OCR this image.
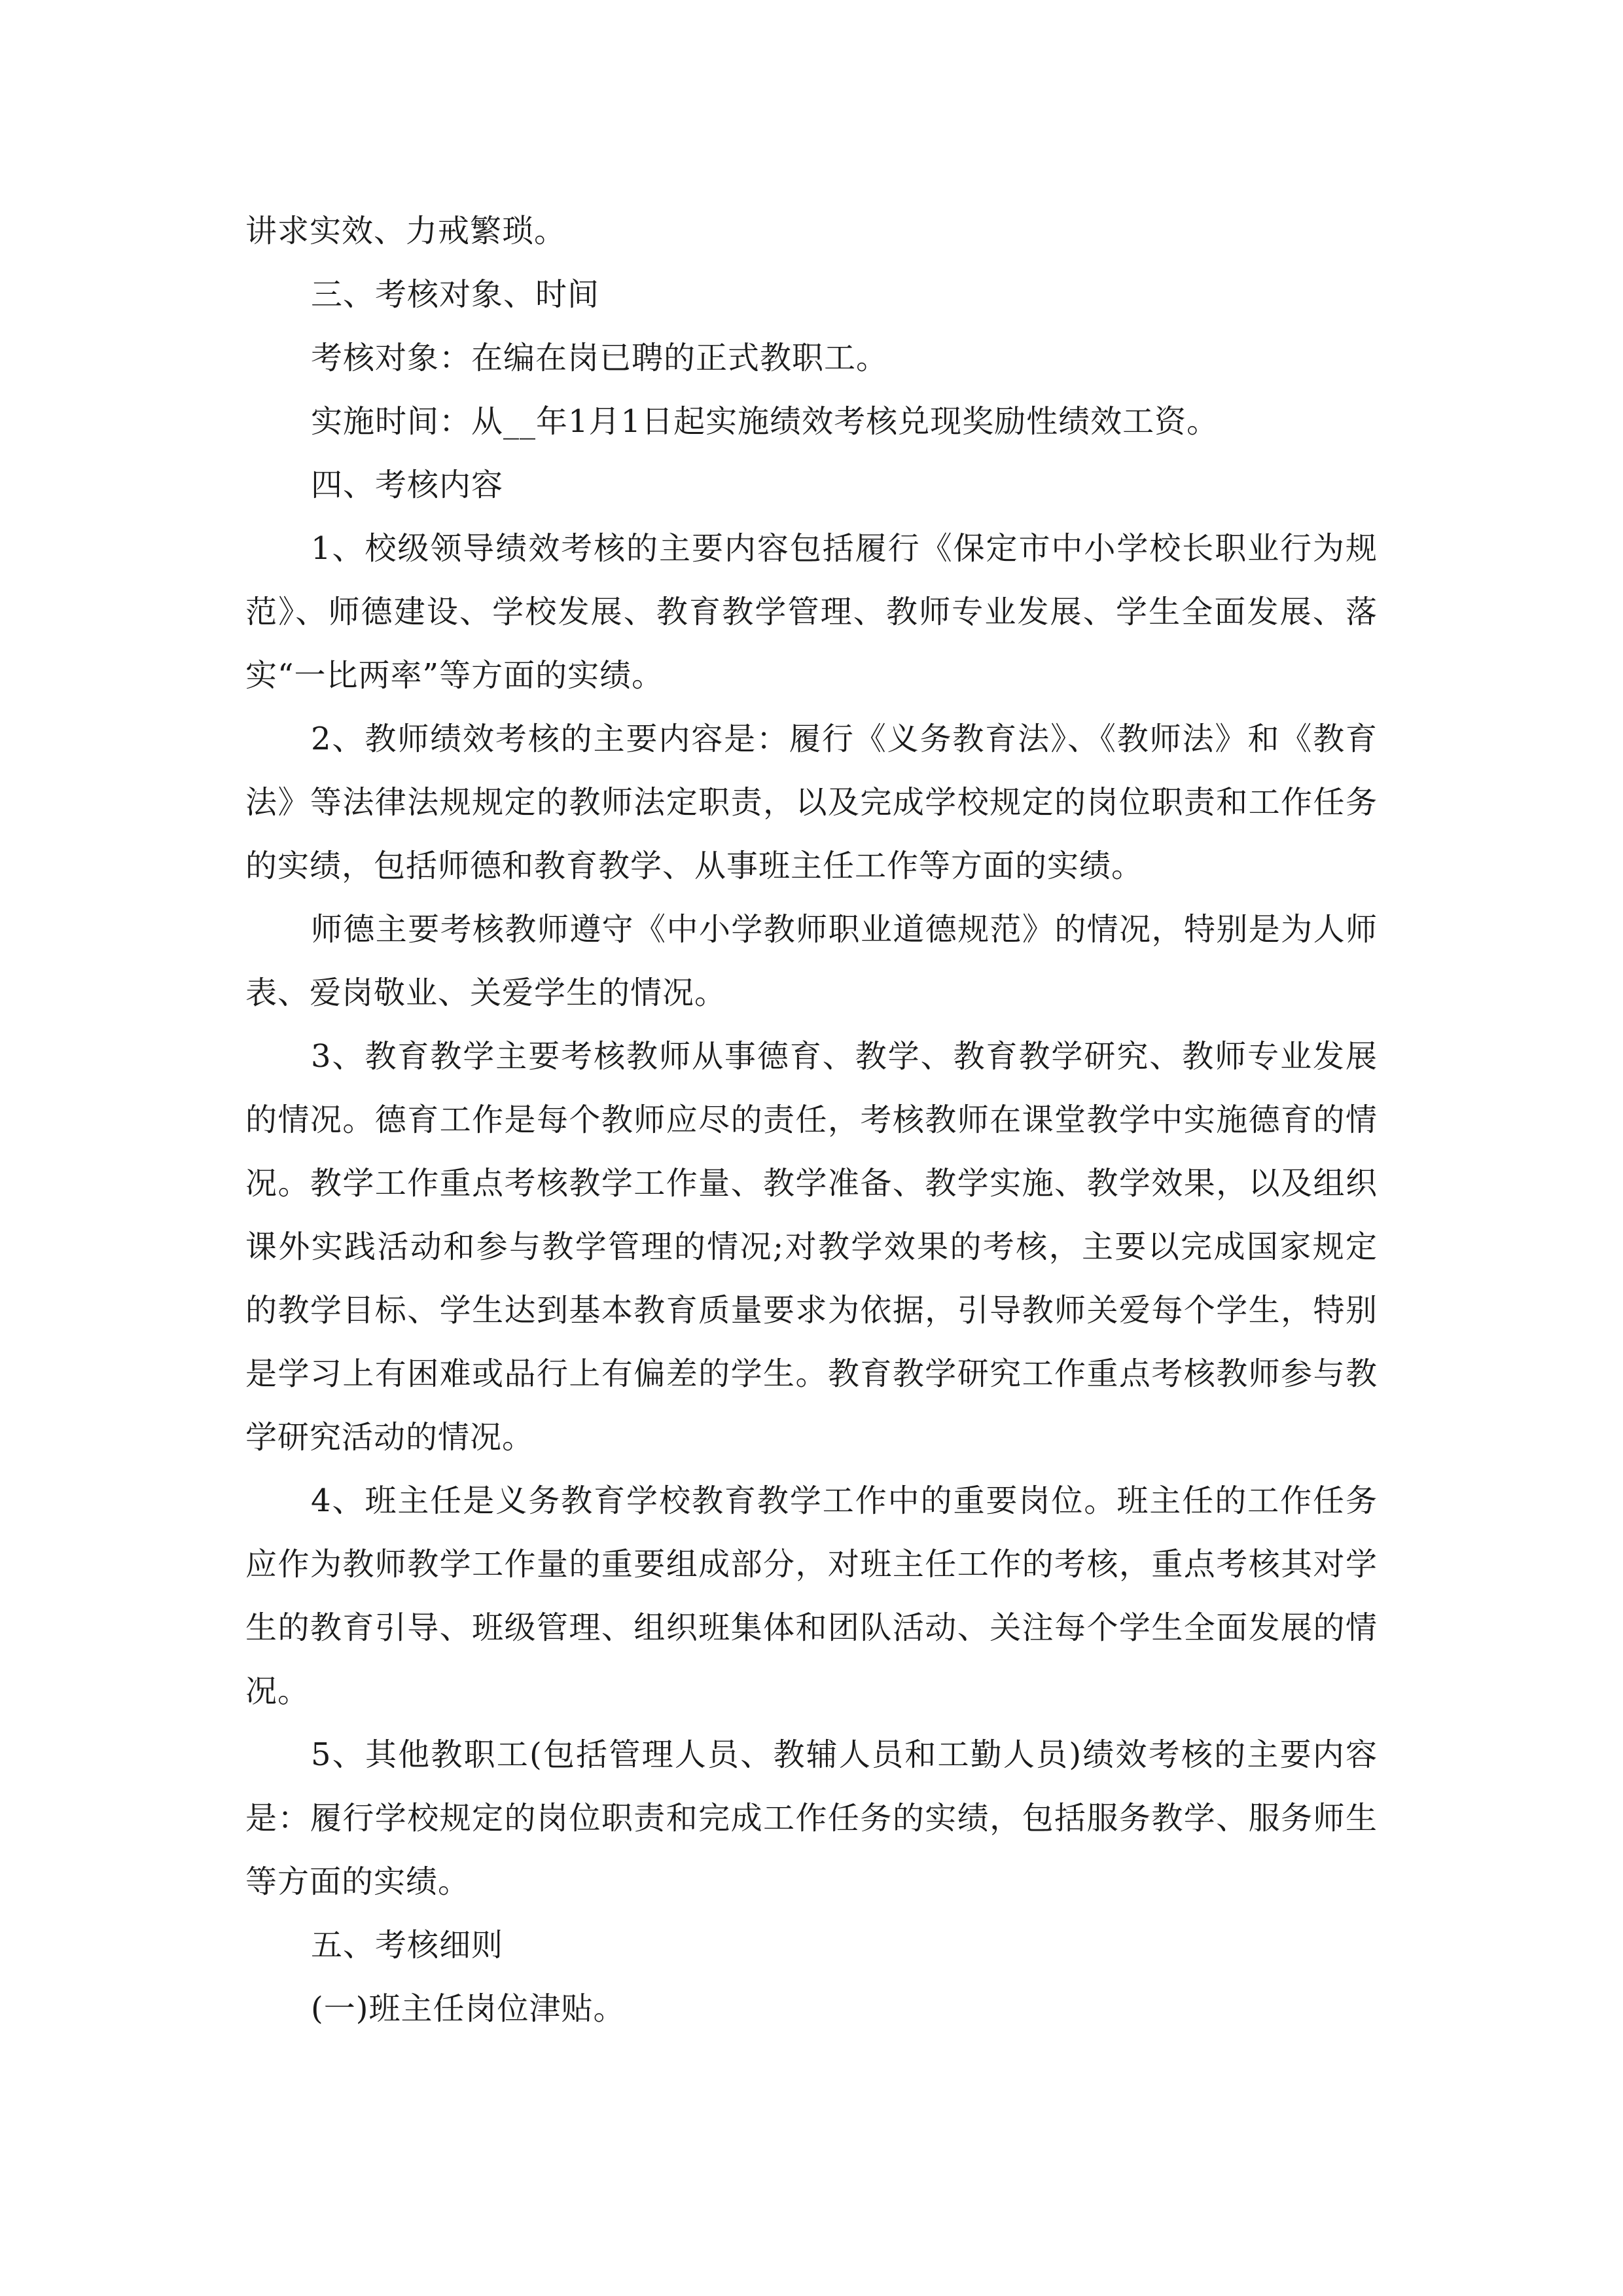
讲求实效、力戒繁琐。

三、考核对象、时间

考核对象：在编在岗已聘的正式教职工。

实施时间：从__年1月1日起实施绩效考核兑现奖励性绩效工资。

四、考核内容

1、校级领导绩效考核的主要内容包括履行《保定市中小学校长职业行为规范》、师德建设、学校发展、教育教学管理、教师专业发展、学生全面发展、落实“一比两率”等方面的实绩。

2、教师绩效考核的主要内容是：履行《义务教育法》、《教师法》和《教育法》等法律法规规定的教师法定职责，以及完成学校规定的岗位职责和工作任务的实绩，包括师德和教育教学、从事班主任工作等方面的实绩。

师德主要考核教师遵守《中小学教师职业道德规范》的情况，特别是为人师表、爱岗敬业、关爱学生的情况。

3、教育教学主要考核教师从事德育、教学、教育教学研究、教师专业发展的情况。德育工作是每个教师应尽的责任，考核教师在课堂教学中实施德育的情况。教学工作重点考核教学工作量、教学准备、教学实施、教学效果，以及组织课外实践活动和参与教学管理的情况;对教学效果的考核，主要以完成国家规定的教学目标、学生达到基本教育质量要求为依据，引导教师关爱每个学生，特别是学习上有困难或品行上有偏差的学生。教育教学研究工作重点考核教师参与教学研究活动的情况。

4、班主任是义务教育学校教育教学工作中的重要岗位。班主任的工作任务应作为教师教学工作量的重要组成部分，对班主任工作的考核，重点考核其对学生的教育引导、班级管理、组织班集体和团队活动、关注每个学生全面发展的情况。

5、其他教职工(包括管理人员、教辅人员和工勤人员)绩效考核的主要内容是：履行学校规定的岗位职责和完成工作任务的实绩，包括服务教学、服务师生等方面的实绩。

五、考核细则

(一)班主任岗位津贴。
